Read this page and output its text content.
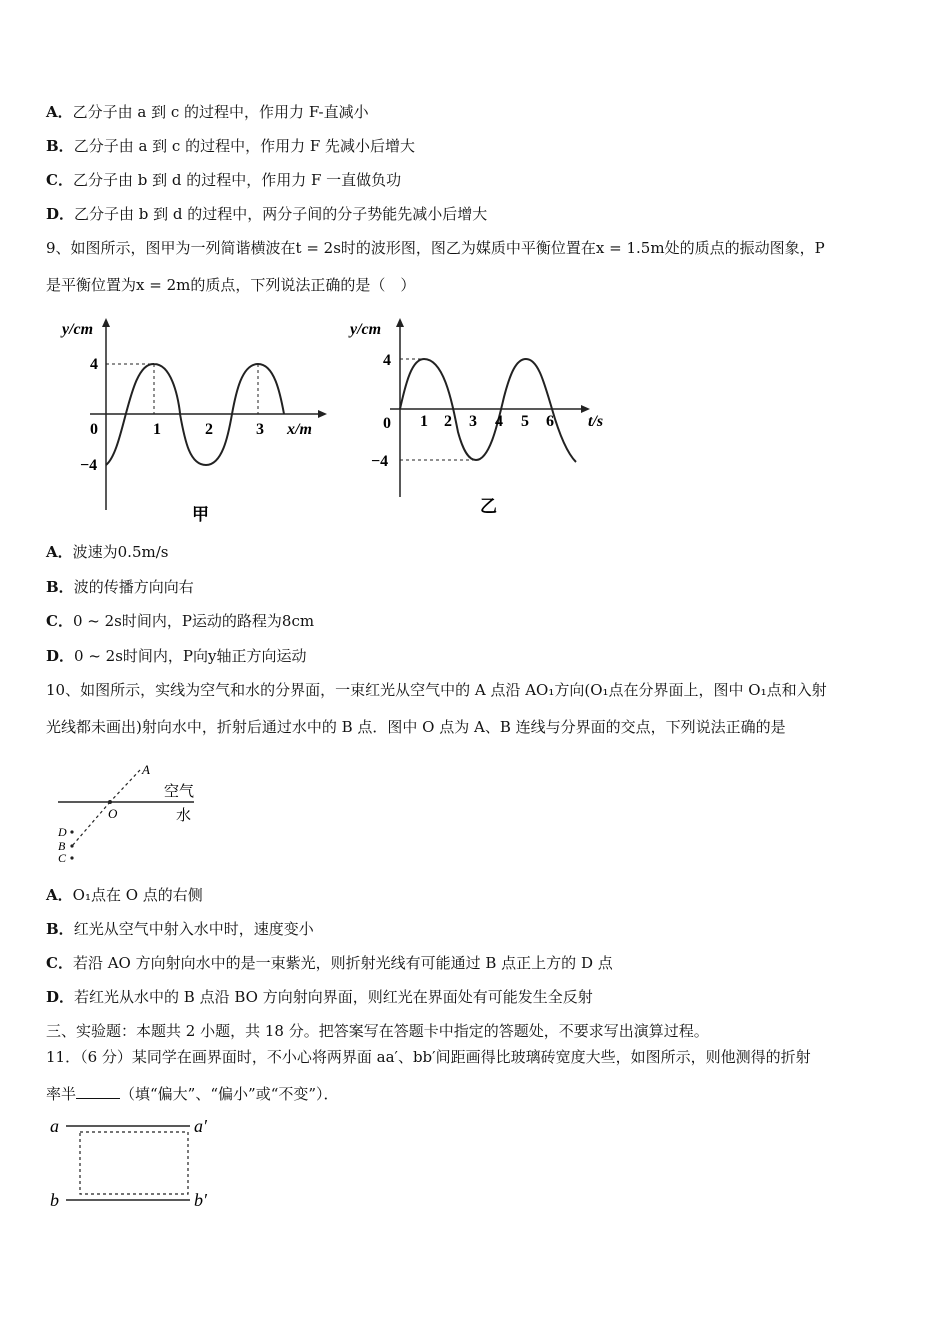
A．乙分子由 a 到 c 的过程中，作用力 F-直减小
B．乙分子由 a 到 c 的过程中，作用力 F 先减小后增大
C．乙分子由 b 到 d 的过程中，作用力 F 一直做负功
D．乙分子由 b 到 d 的过程中，两分子间的分子势能先减小后增大
9、如图所示，图甲为一列简谐横波在t = 2s时的波形图，图乙为媒质中平衡位置在x = 1.5m处的质点的振动图象，P
是平衡位置为x = 2m的质点，下列说法正确的是（　）
y/cm
4
−4
0	1	2	3 x/m
甲
y/cm
4
−4
0 1 2 3 4 5 6 t/s
乙
A．波速为0.5m/s
B．波的传播方向向右
C．0 ~ 2s时间内，P运动的路程为8cm
D．0 ~ 2s时间内，P向y轴正方向运动
10、如图所示，实线为空气和水的分界面，一束红光从空气中的 A 点沿 AO₁方向(O₁点在分界面上，图中 O₁点和入射
光线都未画出)射向水中，折射后通过水中的 B 点．图中 O 点为 A、B 连线与分界面的交点，下列说法正确的是
A
O
空气
水
D
B
C
A．O₁点在 O 点的右侧
B．红光从空气中射入水中时，速度变小
C．若沿 AO 方向射向水中的是一束紫光，则折射光线有可能通过 B 点正上方的 D 点
D．若红光从水中的 B 点沿 BO 方向射向界面，则红光在界面处有可能发生全反射
三、实验题：本题共 2 小题，共 18 分。把答案写在答题卡中指定的答题处，不要求写出演算过程。
11．（6 分）某同学在画界面时，不小心将两界面 aa′、bb′间距画得比玻璃砖宽度大些，如图所示，则他测得的折射
率半	（填“偏大”、“偏小”或“不变”）．
a	a′
b	b′
